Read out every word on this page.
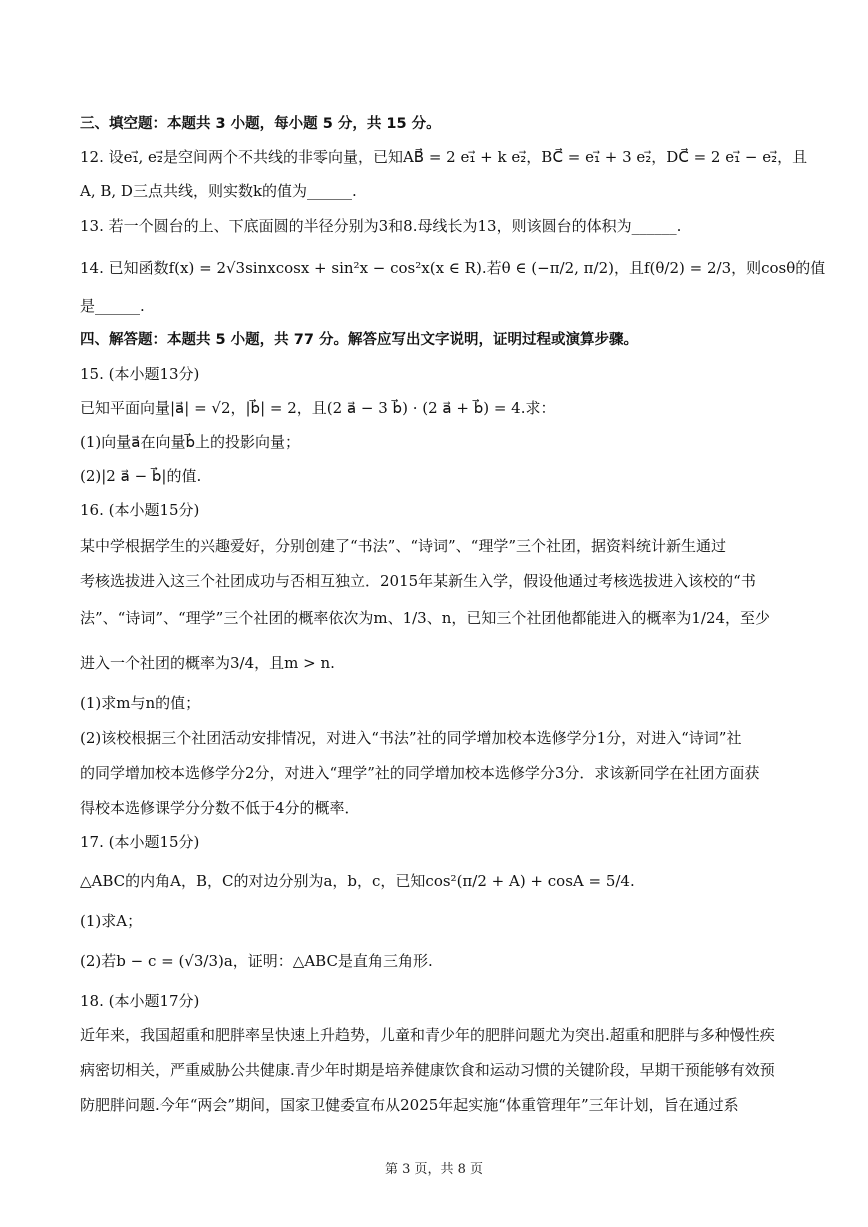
三、填空题：本题共 3 小题，每小题 5 分，共 15 分。
12. 设e₁⃗, e₂⃗是空间两个不共线的非零向量，已知AB⃗ = 2 e₁⃗ + k e₂⃗，BC⃗ = e₁⃗ + 3 e₂⃗，DC⃗ = 2 e₁⃗ − e₂⃗，且
A, B, D三点共线，则实数k的值为______.
13. 若一个圆台的上、下底面圆的半径分别为3和8.母线长为13，则该圆台的体积为______.
14. 已知函数f(x) = 2√3sinxcosx + sin²x − cos²x(x ∈ R).若θ ∈ (−π/2, π/2)，且f(θ/2) = 2/3，则cosθ的值
是______.
四、解答题：本题共 5 小题，共 77 分。解答应写出文字说明，证明过程或演算步骤。
15. (本小题13分)
已知平面向量|a⃗| = √2，|b⃗| = 2，且(2 a⃗ − 3 b⃗) · (2 a⃗ + b⃗) = 4.求：
(1)向量a⃗在向量b⃗上的投影向量；
(2)|2 a⃗ − b⃗|的值.
16. (本小题15分)
某中学根据学生的兴趣爱好，分别创建了“书法”、“诗词”、“理学”三个社团，据资料统计新生通过
考核选拔进入这三个社团成功与否相互独立．2015年某新生入学，假设他通过考核选拔进入该校的“书
法”、“诗词”、“理学”三个社团的概率依次为m、1/3、n，已知三个社团他都能进入的概率为1/24，至少
进入一个社团的概率为3/4，且m > n.
(1)求m与n的值；
(2)该校根据三个社团活动安排情况，对进入“书法”社的同学增加校本选修学分1分，对进入“诗词”社
的同学增加校本选修学分2分，对进入“理学”社的同学增加校本选修学分3分．求该新同学在社团方面获
得校本选修课学分分数不低于4分的概率．
17. (本小题15分)
△ABC的内角A，B，C的对边分别为a，b，c，已知cos²(π/2 + A) + cosA = 5/4.
(1)求A；
(2)若b − c = (√3/3)a，证明：△ABC是直角三角形.
18. (本小题17分)
近年来，我国超重和肥胖率呈快速上升趋势，儿童和青少年的肥胖问题尤为突出.超重和肥胖与多种慢性疾
病密切相关，严重威胁公共健康.青少年时期是培养健康饮食和运动习惯的关键阶段，早期干预能够有效预
防肥胖问题.今年“两会”期间，国家卫健委宣布从2025年起实施“体重管理年”三年计划，旨在通过系
第 3 页，共 8 页
